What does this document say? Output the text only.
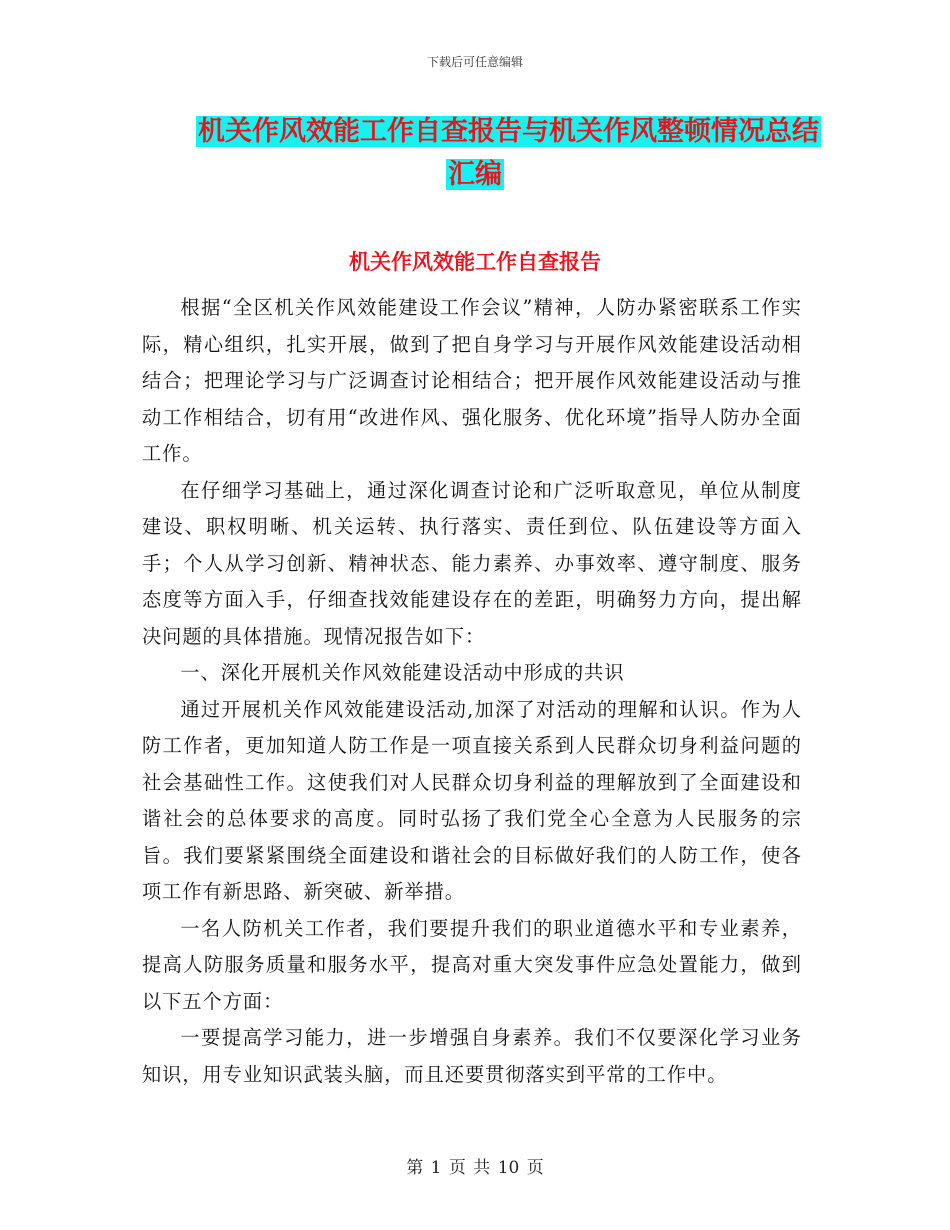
下载后可任意编辑
机关作风效能工作自查报告与机关作风整顿情况总结
汇编
机关作风效能工作自查报告

根据“全区机关作风效能建设工作会议”精神，人防办紧密联系工作实际，精心组织，扎实开展，做到了把自身学习与开展作风效能建设活动相结合；把理论学习与广泛调查讨论相结合；把开展作风效能建设活动与推动工作相结合，切有用“改进作风、强化服务、优化环境”指导人防办全面工作。

在仔细学习基础上，通过深化调查讨论和广泛听取意见，单位从制度建设、职权明晰、机关运转、执行落实、责任到位、队伍建设等方面入手；个人从学习创新、精神状态、能力素养、办事效率、遵守制度、服务态度等方面入手，仔细查找效能建设存在的差距，明确努力方向，提出解决问题的具体措施。现情况报告如下：

一、深化开展机关作风效能建设活动中形成的共识

通过开展机关作风效能建设活动,加深了对活动的理解和认识。作为人防工作者，更加知道人防工作是一项直接关系到人民群众切身利益问题的社会基础性工作。这使我们对人民群众切身利益的理解放到了全面建设和谐社会的总体要求的高度。同时弘扬了我们党全心全意为人民服务的宗旨。我们要紧紧围绕全面建设和谐社会的目标做好我们的人防工作，使各项工作有新思路、新突破、新举措。

一名人防机关工作者，我们要提升我们的职业道德水平和专业素养，提高人防服务质量和服务水平，提高对重大突发事件应急处置能力，做到以下五个方面：

一要提高学习能力，进一步增强自身素养。我们不仅要深化学习业务知识，用专业知识武装头脑，而且还要贯彻落实到平常的工作中。

第 1 页 共 10 页
